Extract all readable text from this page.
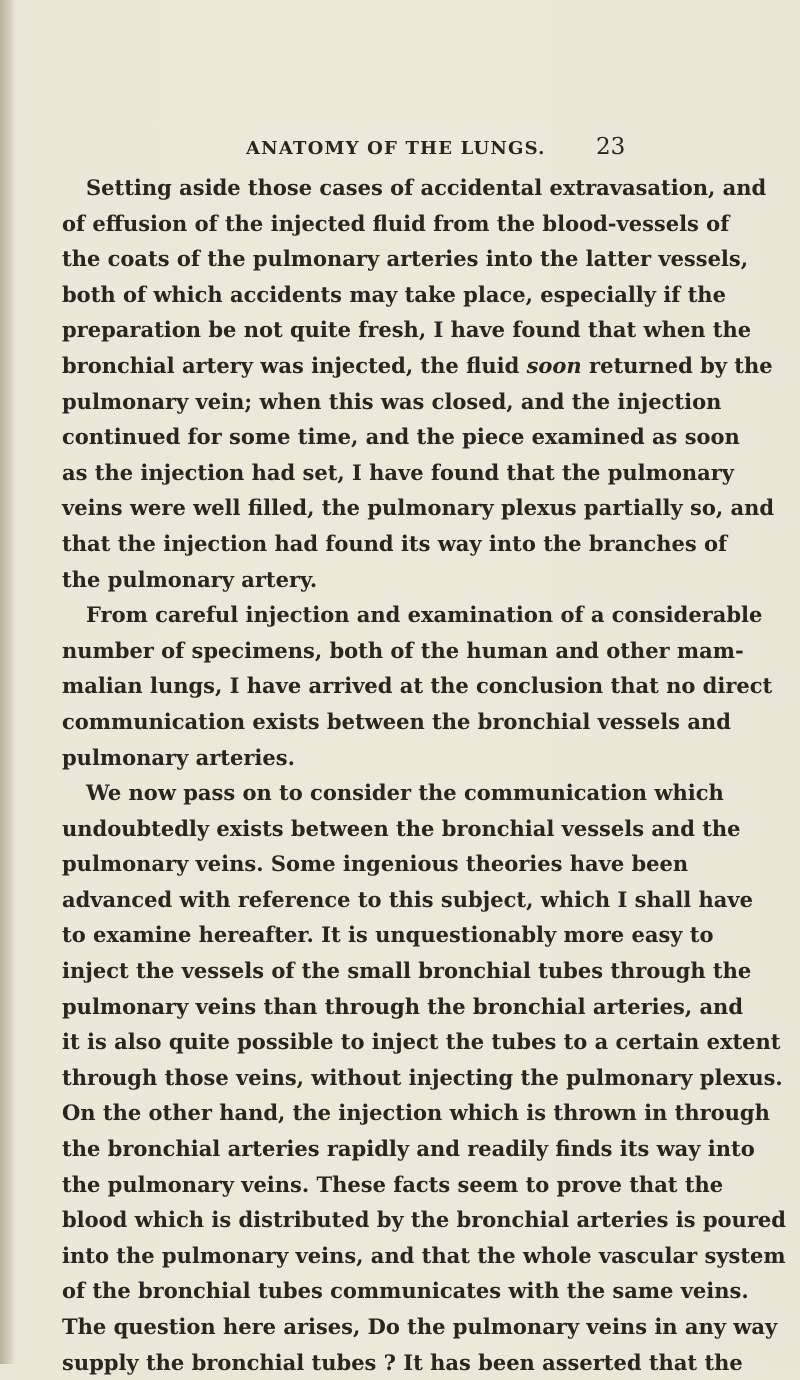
ANATOMY OF THE LUNGS. 23
Setting aside those cases of accidental extravasation, and
of effusion of the injected fluid from the blood-vessels of
the coats of the pulmonary arteries into the latter vessels,
both of which accidents may take place, especially if the
preparation be not quite fresh, I have found that when the
bronchial artery was injected, the fluid soon returned by the
pulmonary vein; when this was closed, and the injection
continued for some time, and the piece examined as soon
as the injection had set, I have found that the pulmonary
veins were well filled, the pulmonary plexus partially so, and
that the injection had found its way into the branches of
the pulmonary artery.
From careful injection and examination of a considerable
number of specimens, both of the human and other mam-
malian lungs, I have arrived at the conclusion that no direct
communication exists between the bronchial vessels and
pulmonary arteries.
We now pass on to consider the communication which
undoubtedly exists between the bronchial vessels and the
pulmonary veins. Some ingenious theories have been
advanced with reference to this subject, which I shall have
to examine hereafter. It is unquestionably more easy to
inject the vessels of the small bronchial tubes through the
pulmonary veins than through the bronchial arteries, and
it is also quite possible to inject the tubes to a certain extent
through those veins, without injecting the pulmonary plexus.
On the other hand, the injection which is thrown in through
the bronchial arteries rapidly and readily finds its way into
the pulmonary veins. These facts seem to prove that the
blood which is distributed by the bronchial arteries is poured
into the pulmonary veins, and that the whole vascular system
of the bronchial tubes communicates with the same veins.
The question here arises, Do the pulmonary veins in any way
supply the bronchial tubes ? It has been asserted that the
